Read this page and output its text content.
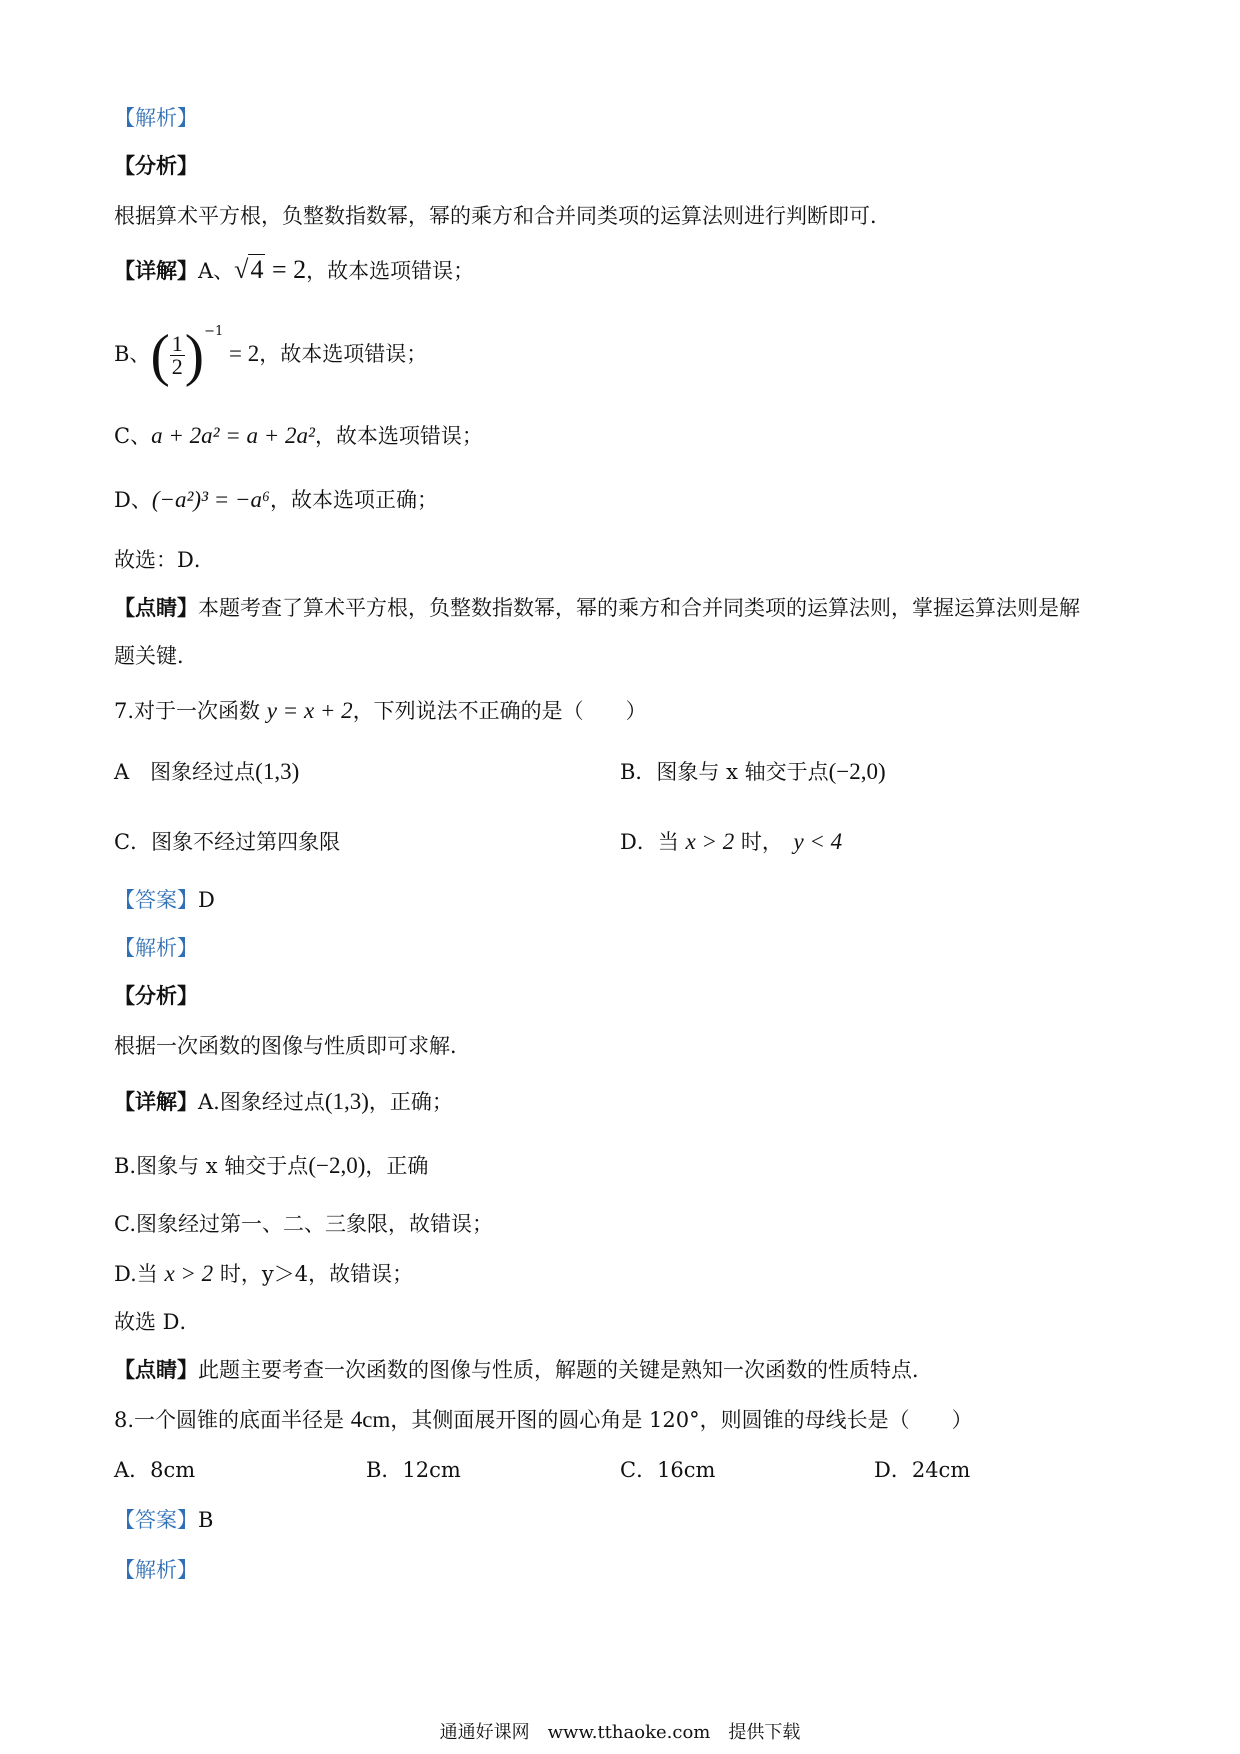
【解析】
【分析】
根据算术平方根，负整数指数幂，幂的乘方和合并同类项的运算法则进行判断即可．
【详解】A、√4 = 2，故本选项错误；
B、( $\frac{1}{2} )^{-1} = 2$，故本选项错误；
C、a + 2a² = a + 2a²，故本选项错误；
D、(−a²)³ = −a⁶，故本选项正确；
故选：D．
【点睛】本题考查了算术平方根，负整数指数幂，幂的乘方和合并同类项的运算法则，掌握运算法则是解
题关键．
7.对于一次函数 y = x + 2，下列说法不正确的是（　　）
A　图象经过点(1,3)	B．图象与 x 轴交于点(−2,0)
C．图象不经过第四象限	D．当 x > 2 时，　y < 4
【答案】D
【解析】
【分析】
根据一次函数的图像与性质即可求解．
【详解】A.图象经过点(1,3)，正确；
B.图象与 x 轴交于点(−2,0)，正确
C.图象经过第一、二、三象限，故错误；
D.当 x > 2 时，y＞4，故错误；
故选 D．
【点睛】此题主要考查一次函数的图像与性质，解题的关键是熟知一次函数的性质特点．
8.一个圆锥的底面半径是 4cm，其侧面展开图的圆心角是 120°，则圆锥的母线长是（　　）
A．8cm	B．12cm	C．16cm	D．24cm
【答案】B
【解析】
通通好课网　www.tthaoke.com　提供下载
